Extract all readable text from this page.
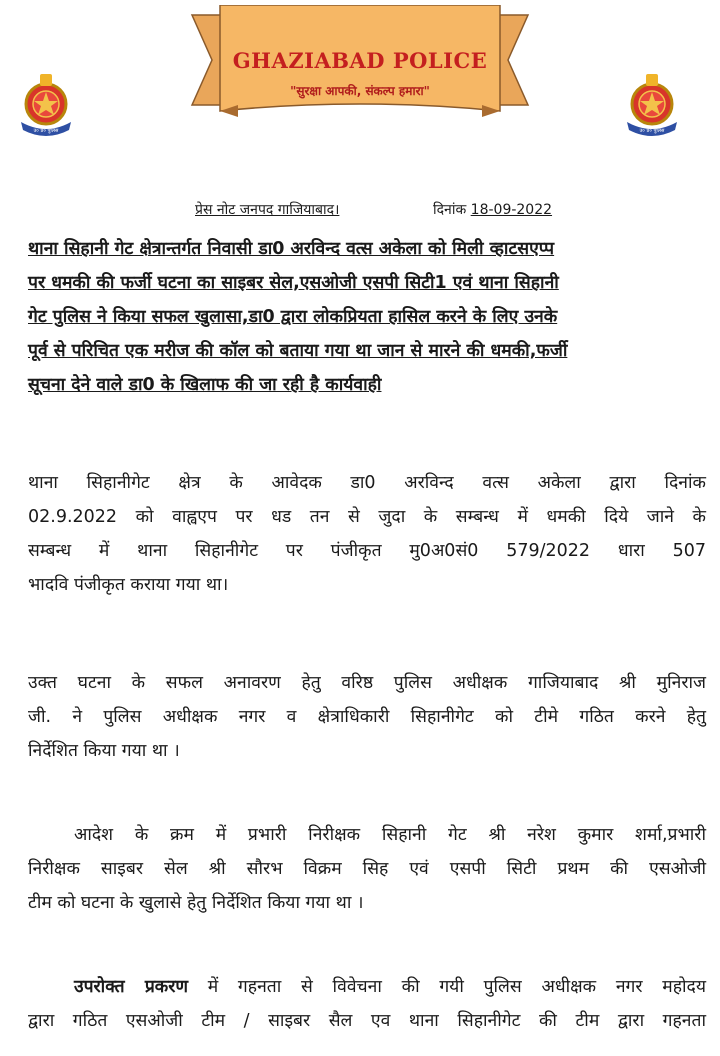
उ० प्र० पुलिस
GHAZIABAD POLICE
"सुरक्षा आपकी, संकल्प हमारा"
उ० प्र० पुलिस
प्रेस नोट जनपद गाजियाबाद।	दिनांक 18-09-2022
थाना सिहानी गेट क्षेत्रान्तर्गत निवासी डा0 अरविन्द वत्स अकेला को मिली व्हाटसएप्प
पर धमकी की फर्जी घटना का साइबर सेल,एसओजी एसपी सिटी1 एवं थाना सिहानी
गेट पुलिस ने किया सफल खुलासा,डा0 द्वारा लोकप्रियता हासिल करने के लिए उनके
पूर्व से परिचित एक मरीज की कॉल को बताया गया था जान से मारने की धमकी,फर्जी
सूचना देने वाले डा0 के खिलाफ की जा रही है कार्यवाही
थाना सिहानीगेट क्षेत्र के आवेदक डा0 अरविन्द वत्स अकेला द्वारा दिनांक
02.9.2022 को वाह्वएप पर धड तन से जुदा के सम्बन्ध में धमकी दिये जाने के
सम्बन्ध में थाना सिहानीगेट पर पंजीकृत मु0अ0सं0 579/2022 धारा 507
भादवि पंजीकृत कराया गया था।
उक्त घटना के सफल अनावरण हेतु वरिष्ठ पुलिस अधीक्षक गाजियाबाद श्री मुनिराज
जी. ने पुलिस अधीक्षक नगर व क्षेत्राधिकारी सिहानीगेट को टीमे गठित करने हेतु
निर्देशित किया गया था ।
आदेश के क्रम में प्रभारी निरीक्षक सिहानी गेट श्री नरेश कुमार शर्मा,प्रभारी
निरीक्षक साइबर सेल श्री सौरभ विक्रम सिह एवं एसपी सिटी प्रथम की एसओजी
टीम को घटना के खुलासे हेतु निर्देशित किया गया था ।
उपरोक्त प्रकरण में गहनता से विवेचना की गयी पुलिस अधीक्षक नगर महोदय
द्वारा गठित एसओजी टीम / साइबर सैल एव थाना सिहानीगेट की टीम द्वारा गहनता
